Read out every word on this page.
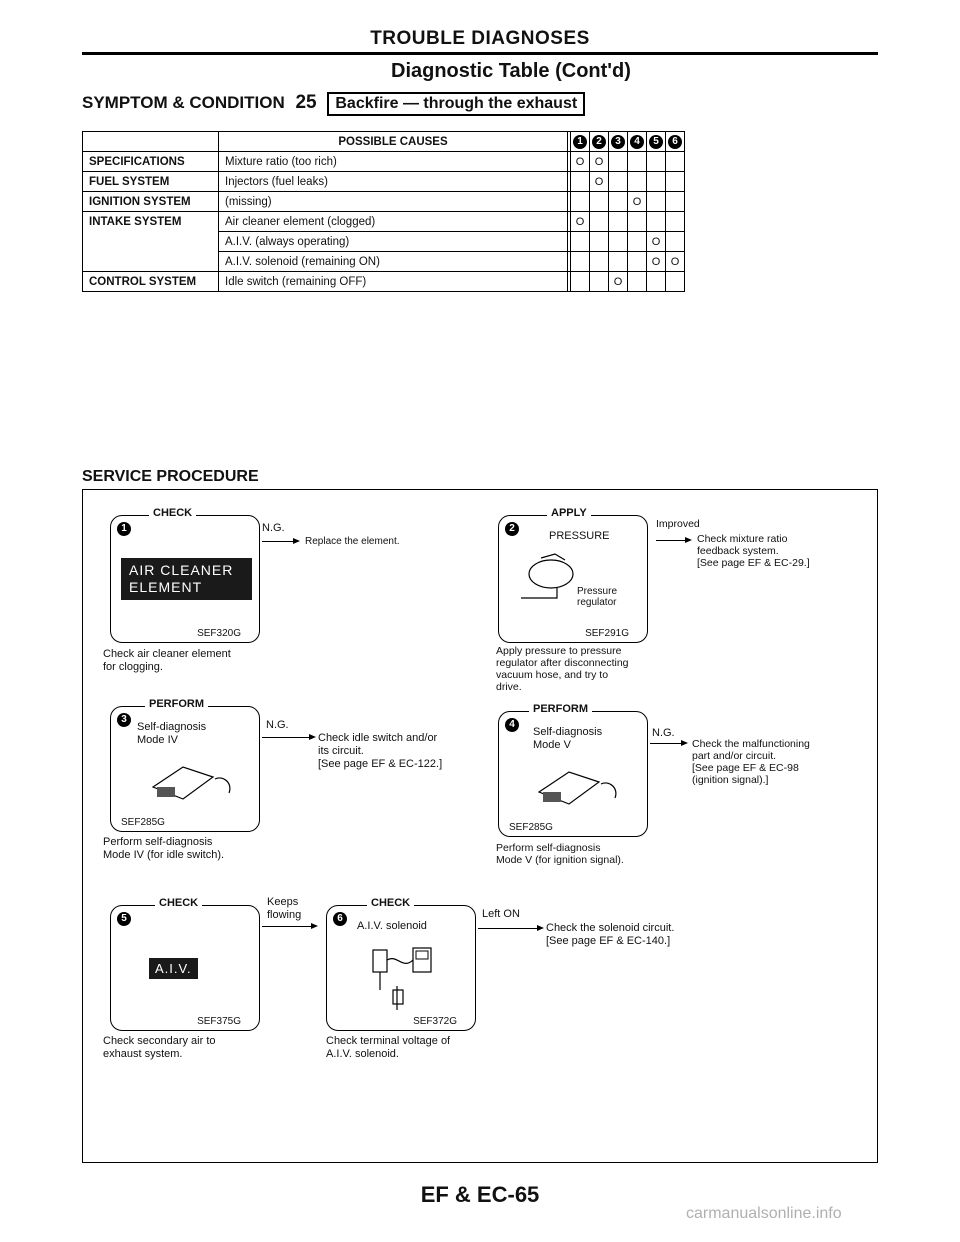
TROUBLE DIAGNOSES
Diagnostic Table (Cont'd)
SYMPTOM & CONDITION 25 Backfire — through the exhaust
	POSSIBLE CAUSES		1	2	3	4	5	6
SPECIFICATIONS	Mixture ratio (too rich)		O	O				
FUEL SYSTEM	Injectors (fuel leaks)			O				
IGNITION SYSTEM	(missing)					O		
INTAKE SYSTEM	Air cleaner element (clogged)		O					
	A.I.V. (always operating)						O	
	A.I.V. solenoid (remaining ON)						O	O
CONTROL SYSTEM	Idle switch (remaining OFF)				O			
SERVICE PROCEDURE
CHECK
1
AIR CLEANER
ELEMENT
SEF320G
Check air cleaner element
for clogging.
N.G.
Replace the element.
APPLY
2
PRESSURE
Pressure
regulator
SEF291G
Apply pressure to pressure
regulator after disconnecting
vacuum hose, and try to
drive.
Improved
Check mixture ratio
feedback system.
[See page EF & EC-29.]
PERFORM
3
Self-diagnosis
Mode IV
SEF285G
Perform self-diagnosis
Mode IV (for idle switch).
N.G.
Check idle switch and/or
its circuit.
[See page EF & EC-122.]
PERFORM
4
Self-diagnosis
Mode V
SEF285G
Perform self-diagnosis
Mode V (for ignition signal).
N.G.
Check the malfunctioning
part and/or circuit.
[See page EF & EC-98
(ignition signal).]
CHECK
5
A.I.V.
SEF375G
Check secondary air to
exhaust system.
Keeps
flowing
CHECK
6
A.I.V. solenoid
SEF372G
Check terminal voltage of
A.I.V. solenoid.
Left ON
Check the solenoid circuit.
[See page EF & EC-140.]
EF & EC-65
carmanualsonline.info
